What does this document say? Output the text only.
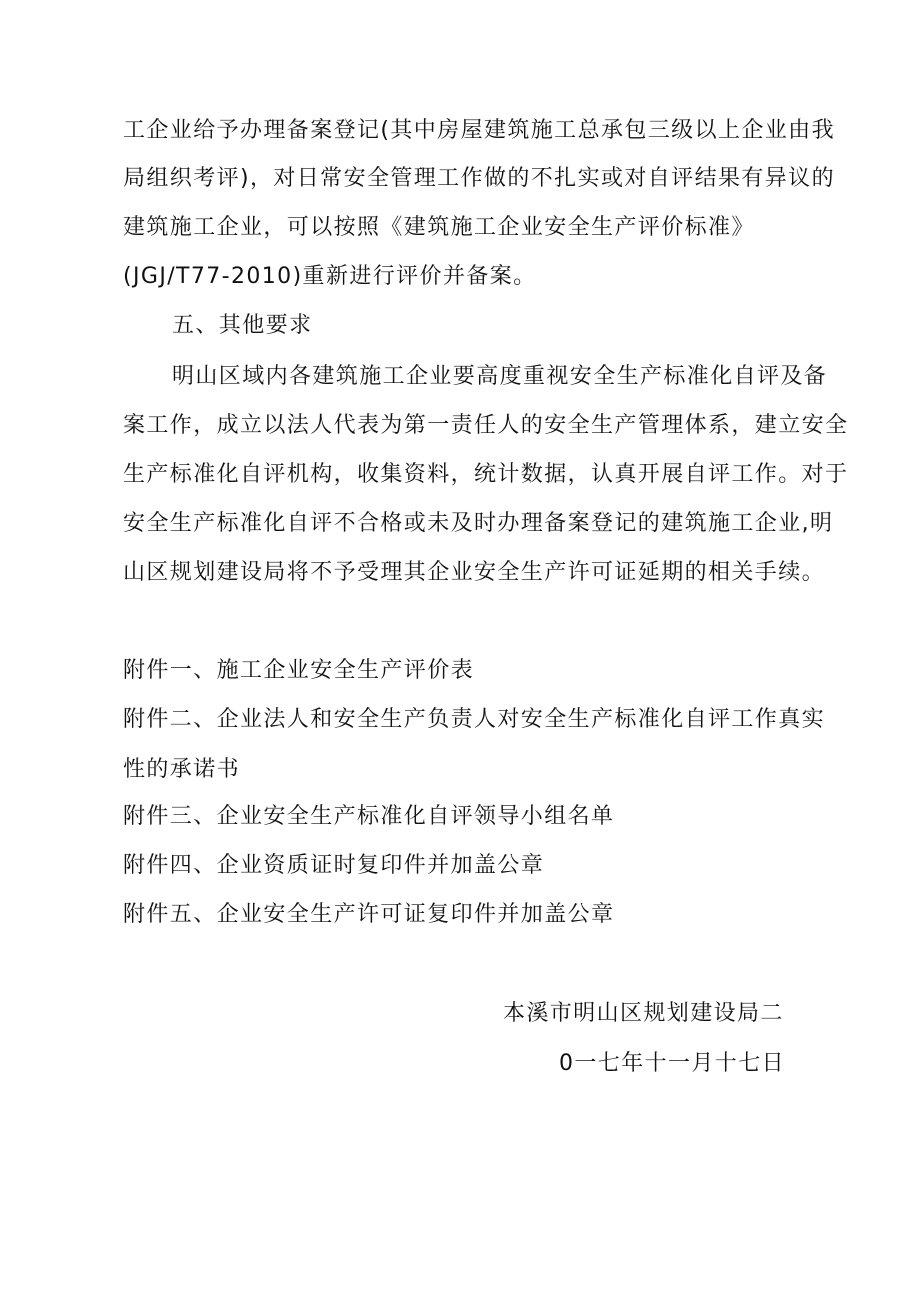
工企业给予办理备案登记(其中房屋建筑施工总承包三级以上企业由我
局组织考评)，对日常安全管理工作做的不扎实或对自评结果有异议的
建筑施工企业，可以按照《建筑施工企业安全生产评价标准》
(JGJ/T77-2010)重新进行评价并备案。
五、其他要求
明山区域内各建筑施工企业要高度重视安全生产标准化自评及备
案工作，成立以法人代表为第一责任人的安全生产管理体系，建立安全
生产标准化自评机构，收集资料，统计数据，认真开展自评工作。对于
安全生产标准化自评不合格或未及时办理备案登记的建筑施工企业,明
山区规划建设局将不予受理其企业安全生产许可证延期的相关手续。
附件一、施工企业安全生产评价表
附件二、企业法人和安全生产负责人对安全生产标准化自评工作真实
性的承诺书
附件三、企业安全生产标准化自评领导小组名单
附件四、企业资质证时复印件并加盖公章
附件五、企业安全生产许可证复印件并加盖公章
本溪市明山区规划建设局二
0一七年十一月十七日
